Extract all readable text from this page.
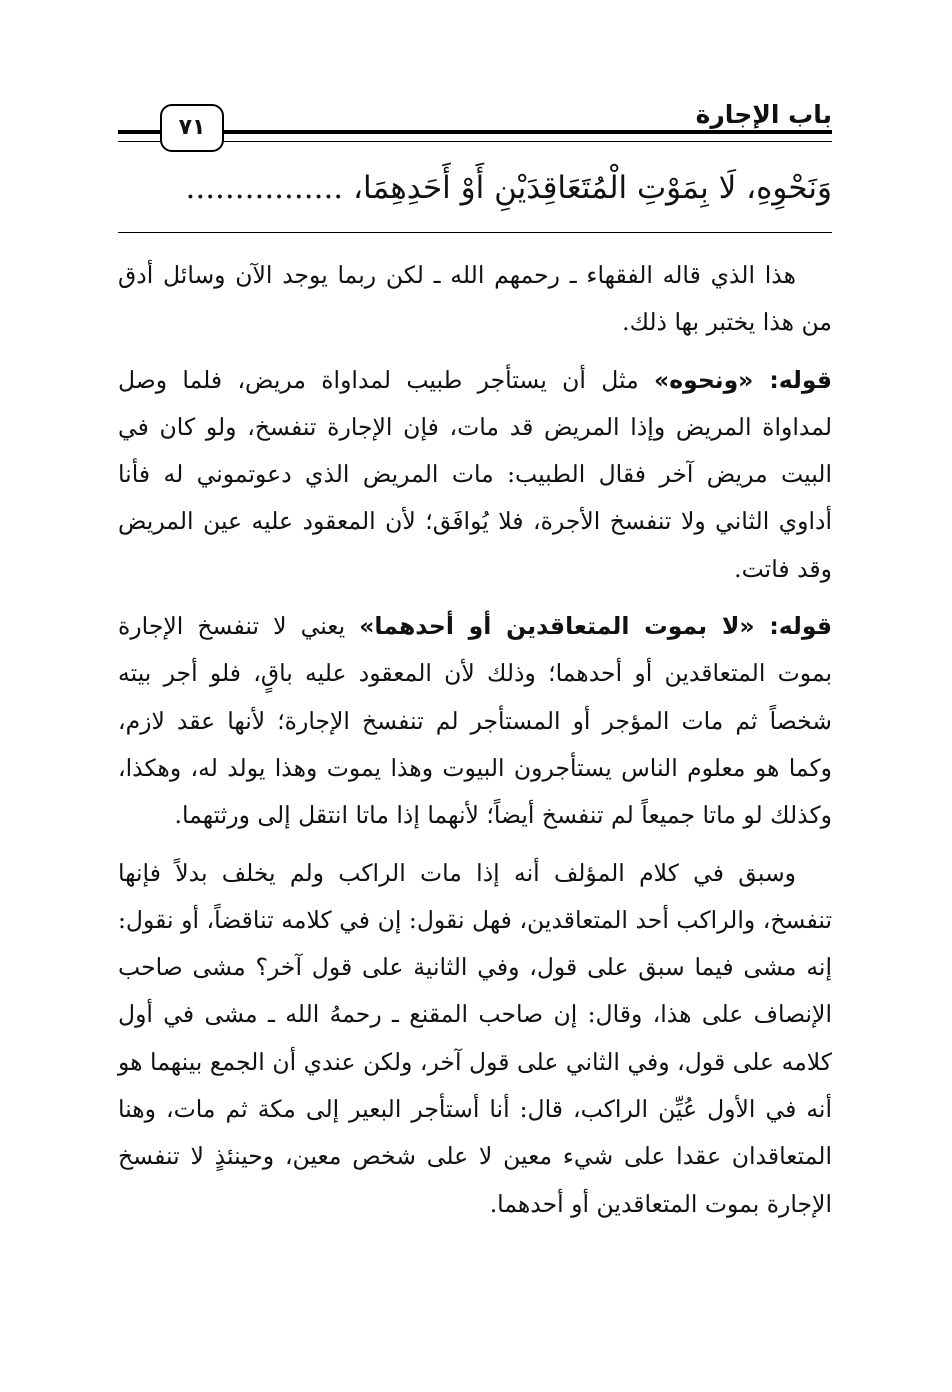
٧١	باب الإجارة
وَنَحْوِهِ، لَا بِمَوْتِ الْمُتَعَاقِدَيْنِ أَوْ أَحَدِهِمَا، ................

هذا الذي قاله الفقهاء ـ رحمهم الله ـ لكن ربما يوجد الآن وسائل أدق من هذا يختبر بها ذلك.

قوله: «ونحوه» مثل أن يستأجر طبيب لمداواة مريض، فلما وصل لمداواة المريض وإذا المريض قد مات، فإن الإجارة تنفسخ، ولو كان في البيت مريض آخر فقال الطبيب: مات المريض الذي دعوتموني له فأنا أداوي الثاني ولا تنفسخ الأجرة، فلا يُوافَق؛ لأن المعقود عليه عين المريض وقد فاتت.

قوله: «لا بموت المتعاقدين أو أحدهما» يعني لا تنفسخ الإجارة بموت المتعاقدين أو أحدهما؛ وذلك لأن المعقود عليه باقٍ، فلو أجر بيته شخصاً ثم مات المؤجر أو المستأجر لم تنفسخ الإجارة؛ لأنها عقد لازم، وكما هو معلوم الناس يستأجرون البيوت وهذا يموت وهذا يولد له، وهكذا، وكذلك لو ماتا جميعاً لم تنفسخ أيضاً؛ لأنهما إذا ماتا انتقل إلى ورثتهما.

وسبق في كلام المؤلف أنه إذا مات الراكب ولم يخلف بدلاً فإنها تنفسخ، والراكب أحد المتعاقدين، فهل نقول: إن في كلامه تناقضاً، أو نقول: إنه مشى فيما سبق على قول، وفي الثانية على قول آخر؟ مشى صاحب الإنصاف على هذا، وقال: إن صاحب المقنع ـ رحمهُ الله ـ مشى في أول كلامه على قول، وفي الثاني على قول آخر، ولكن عندي أن الجمع بينهما هو أنه في الأول عُيِّن الراكب، قال: أنا أستأجر البعير إلى مكة ثم مات، وهنا المتعاقدان عقدا على شيء معين لا على شخص معين، وحينئذٍ لا تنفسخ الإجارة بموت المتعاقدين أو أحدهما.
